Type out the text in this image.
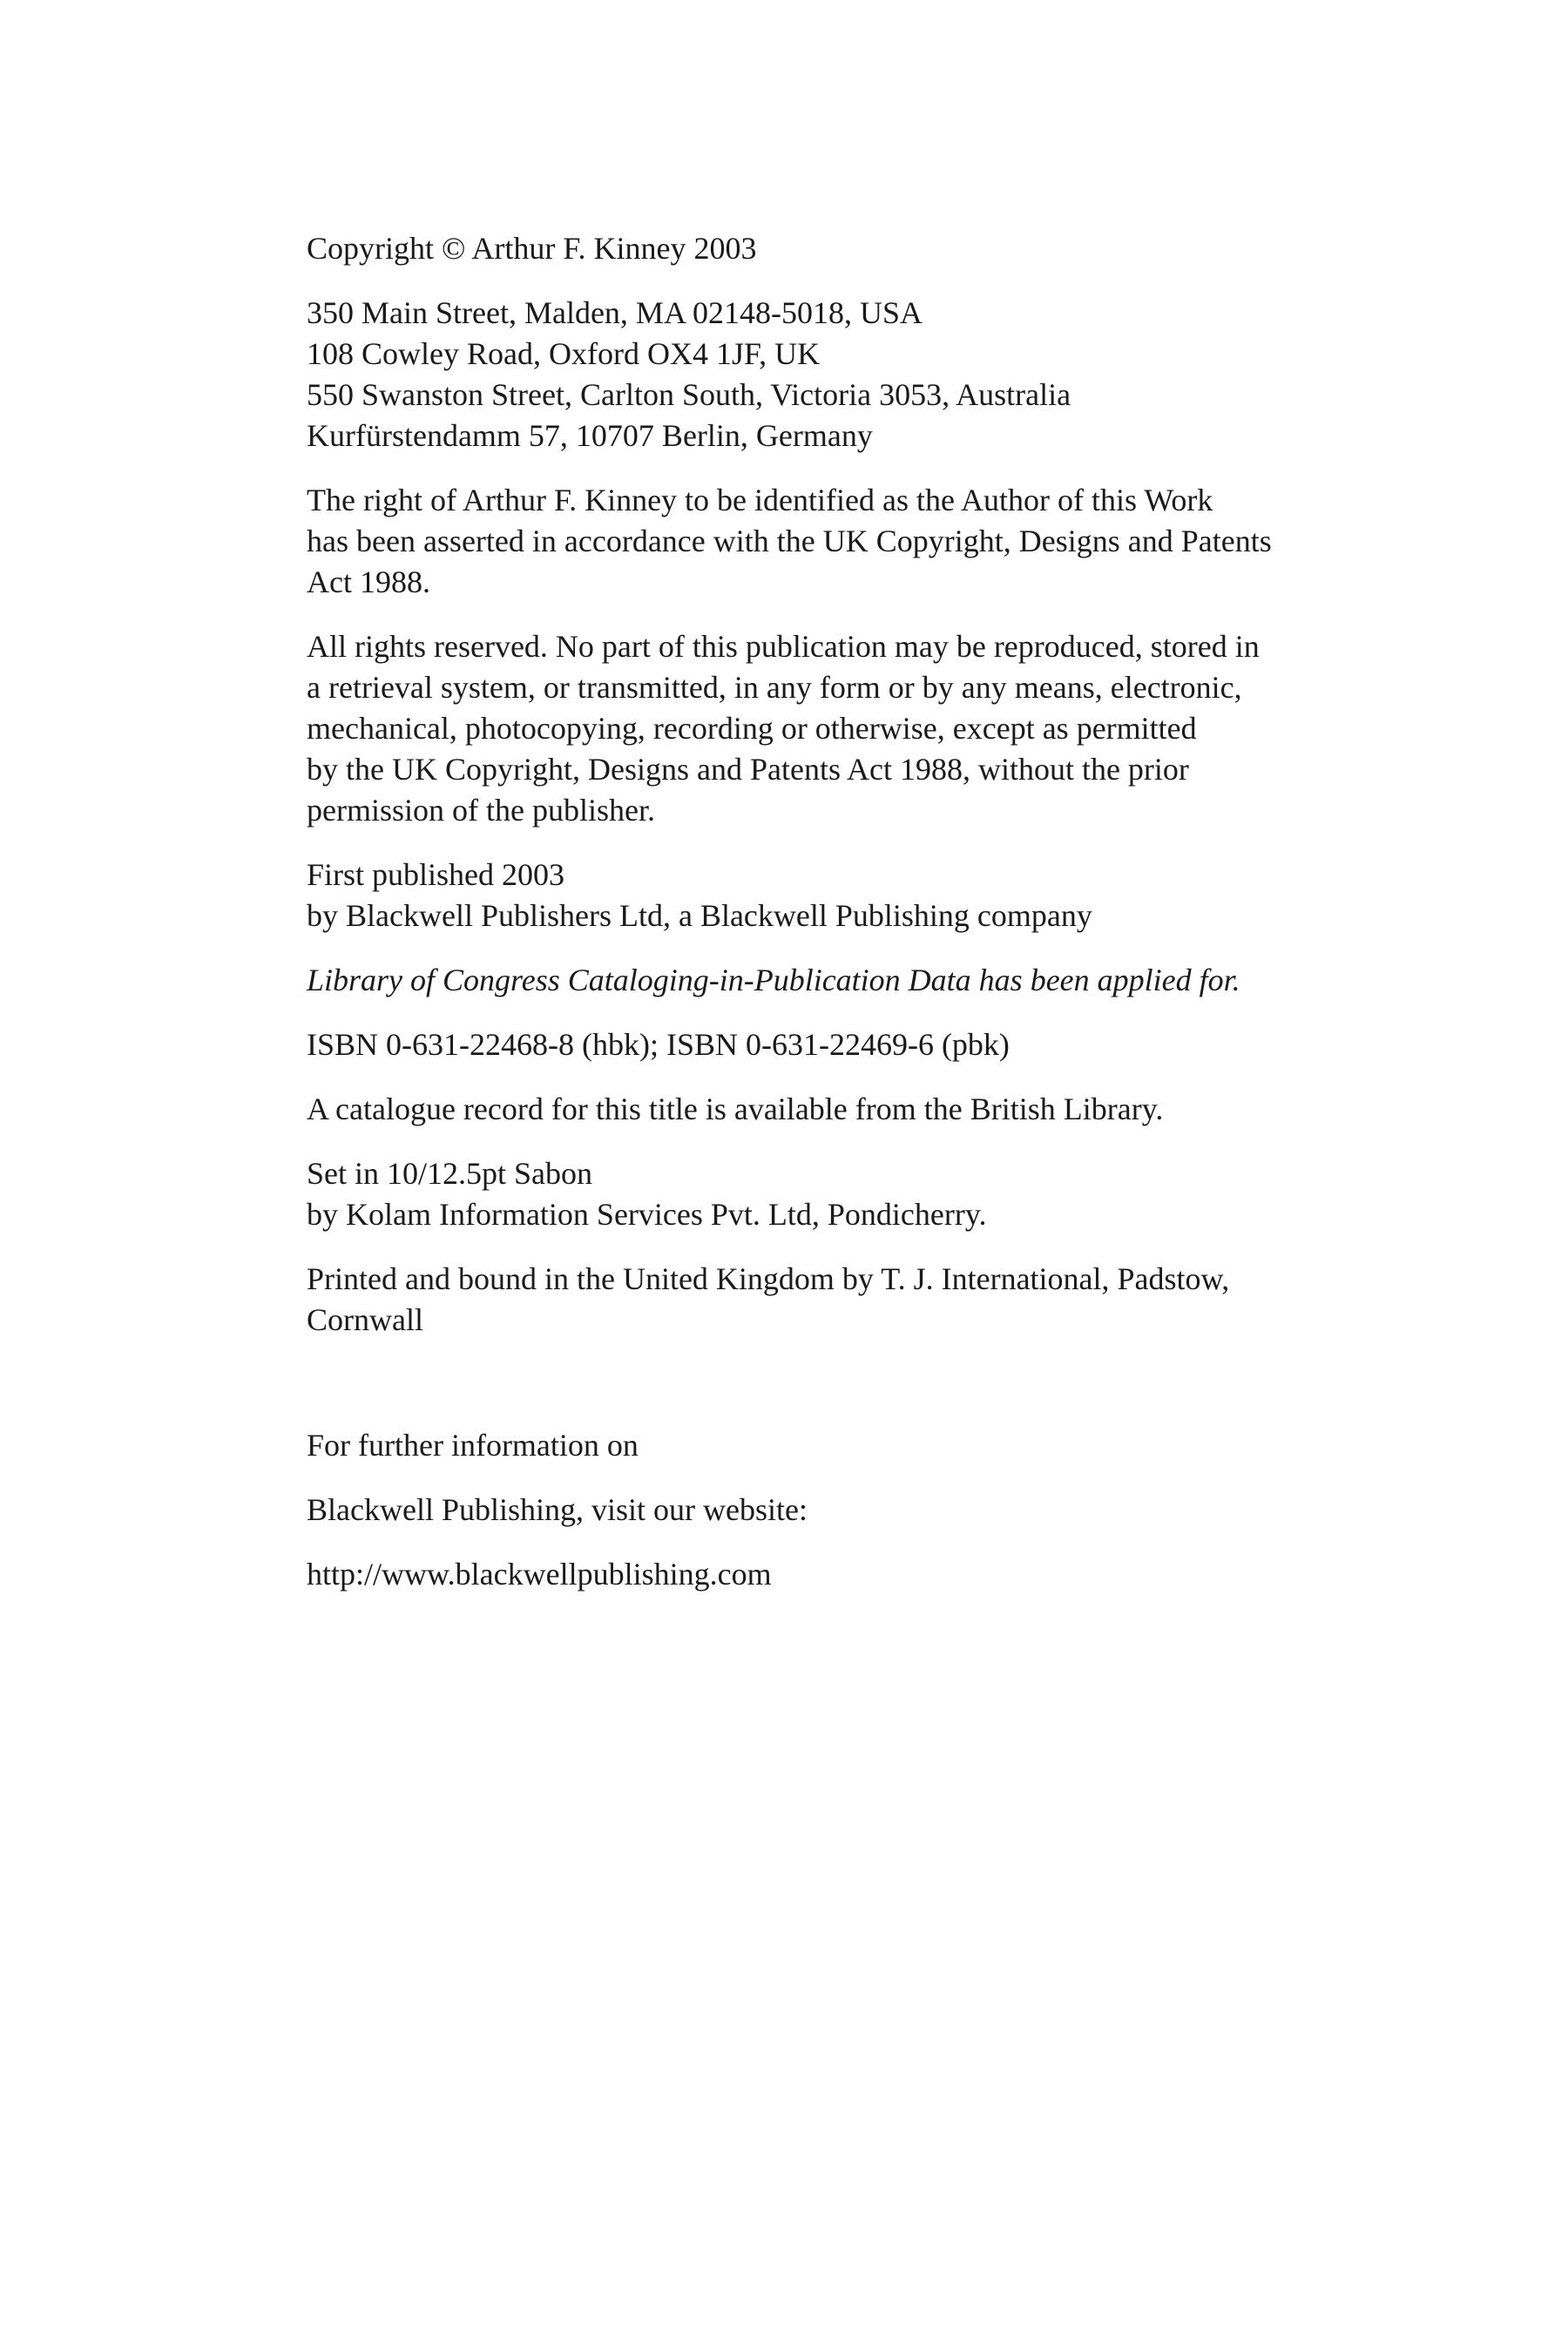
Copyright © Arthur F. Kinney 2003

350 Main Street, Malden, MA 02148-5018, USA
108 Cowley Road, Oxford OX4 1JF, UK
550 Swanston Street, Carlton South, Victoria 3053, Australia
Kurfürstendamm 57, 10707 Berlin, Germany

The right of Arthur F. Kinney to be identified as the Author of this Work
has been asserted in accordance with the UK Copyright, Designs and Patents
Act 1988.

All rights reserved. No part of this publication may be reproduced, stored in
a retrieval system, or transmitted, in any form or by any means, electronic,
mechanical, photocopying, recording or otherwise, except as permitted
by the UK Copyright, Designs and Patents Act 1988, without the prior
permission of the publisher.

First published 2003
by Blackwell Publishers Ltd, a Blackwell Publishing company

Library of Congress Cataloging-in-Publication Data has been applied for.

ISBN 0-631-22468-8 (hbk); ISBN 0-631-22469-6 (pbk)

A catalogue record for this title is available from the British Library.

Set in 10/12.5pt Sabon
by Kolam Information Services Pvt. Ltd, Pondicherry.

Printed and bound in the United Kingdom by T. J. International, Padstow,
Cornwall

For further information on

Blackwell Publishing, visit our website:

http://www.blackwellpublishing.com
